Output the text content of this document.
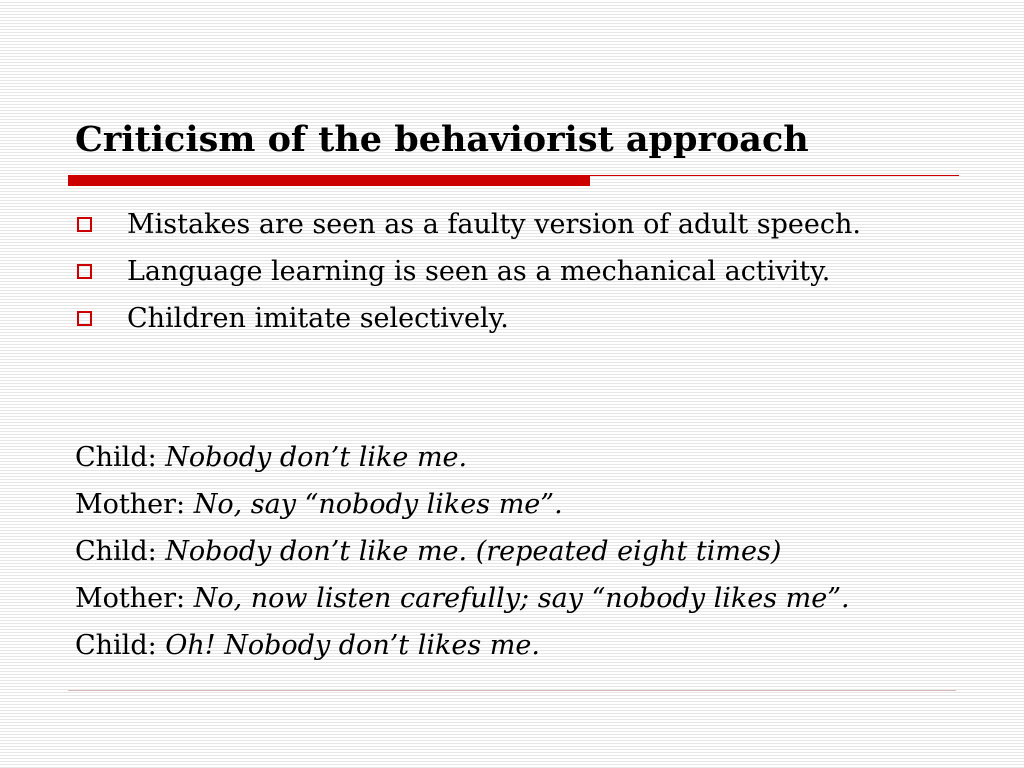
Criticism of the behaviorist approach
Mistakes are seen as a faulty version of adult speech.
Language learning is seen as a mechanical activity.
Children imitate selectively.
Child: Nobody don’t like me.
Mother: No, say “nobody likes me”.
Child: Nobody don’t like me. (repeated eight times)
Mother: No, now listen carefully; say “nobody likes me”.
Child: Oh! Nobody don’t likes me.
